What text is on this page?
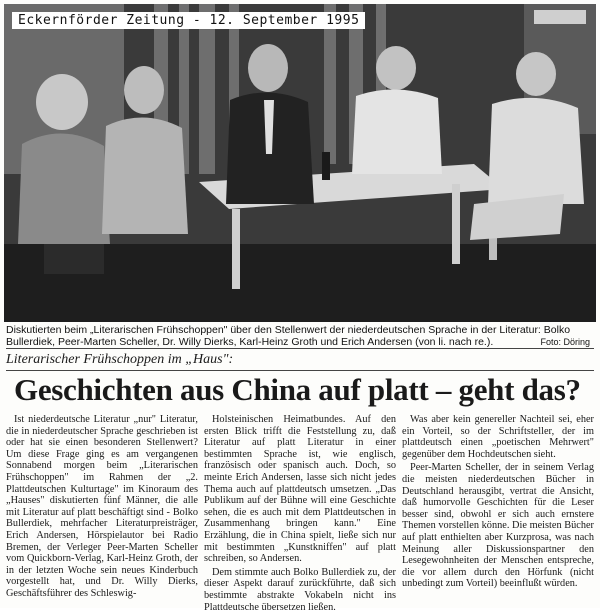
Eckernförder Zeitung - 12. September 1995
Diskutierten beim „Literarischen Frühschoppen" über den Stellenwert der niederdeutschen Sprache in der Literatur: Bolko Bullerdiek, Peer-Marten Scheller, Dr. Willy Dierks, Karl-Heinz Groth und Erich Andersen (von li. nach re.).	Foto: Döring
Literarischer Frühschoppen im „Haus":
Geschichten aus China auf platt – geht das?

Ist niederdeutsche Literatur „nur" Literatur, die in niederdeutscher Sprache geschrieben ist oder hat sie einen besonderen Stellenwert? Um diese Frage ging es am vergangenen Sonnabend morgen beim „Literarischen Frühschoppen" im Rahmen der „2. Plattdeutschen Kulturtage" im Kinoraum des „Hauses" diskutierten fünf Männer, die alle mit Literatur auf platt beschäftigt sind - Bolko Bullerdiek, mehrfacher Literaturpreisträger, Erich Andersen, Hörspielautor bei Radio Bremen, der Verleger Peer-Marten Scheller vom Quickborn-Verlag, Karl-Heinz Groth, der in der letzten Woche sein neues Kinderbuch vorgestellt hat, und Dr. Willy Dierks, Geschäftsführer des Schleswig-

Holsteinischen Heimatbundes. Auf den ersten Blick trifft die Feststellung zu, daß Literatur auf platt Literatur in einer bestimmten Sprache ist, wie englisch, französisch oder spanisch auch. Doch, so meinte Erich Andersen, lasse sich nicht jedes Thema auch auf plattdeutsch umsetzen. „Das Publikum auf der Bühne will eine Geschichte sehen, die es auch mit dem Plattdeutschen in Zusammenhang bringen kann." Eine Erzählung, die in China spielt, ließe sich nur mit bestimmten „Kunstkniffen" auf platt schreiben, so Andersen.

Dem stimmte auch Bolko Bullerdiek zu, der dieser Aspekt darauf zurückführte, daß sich bestimmte abstrakte Vokabeln nicht ins Plattdeutsche übersetzen ließen.

Was aber kein genereller Nachteil sei, eher ein Vorteil, so der Schriftsteller, der im plattdeutsch einen „poetischen Mehrwert" gegenüber dem Hochdeutschen sieht.

Peer-Marten Scheller, der in seinem Verlag die meisten niederdeutschen Bücher in Deutschland herausgibt, vertrat die Ansicht, daß humorvolle Geschichten für die Leser besser sind, obwohl er sich auch ernstere Themen vorstellen könne. Die meisten Bücher auf platt enthielten aber Kurzprosa, was nach Meinung aller Diskussionspartner den Lesegewohnheiten der Menschen entspreche, die vor allem durch den Hörfunk (nicht unbedingt zum Vorteil) beeinflußt würden.
